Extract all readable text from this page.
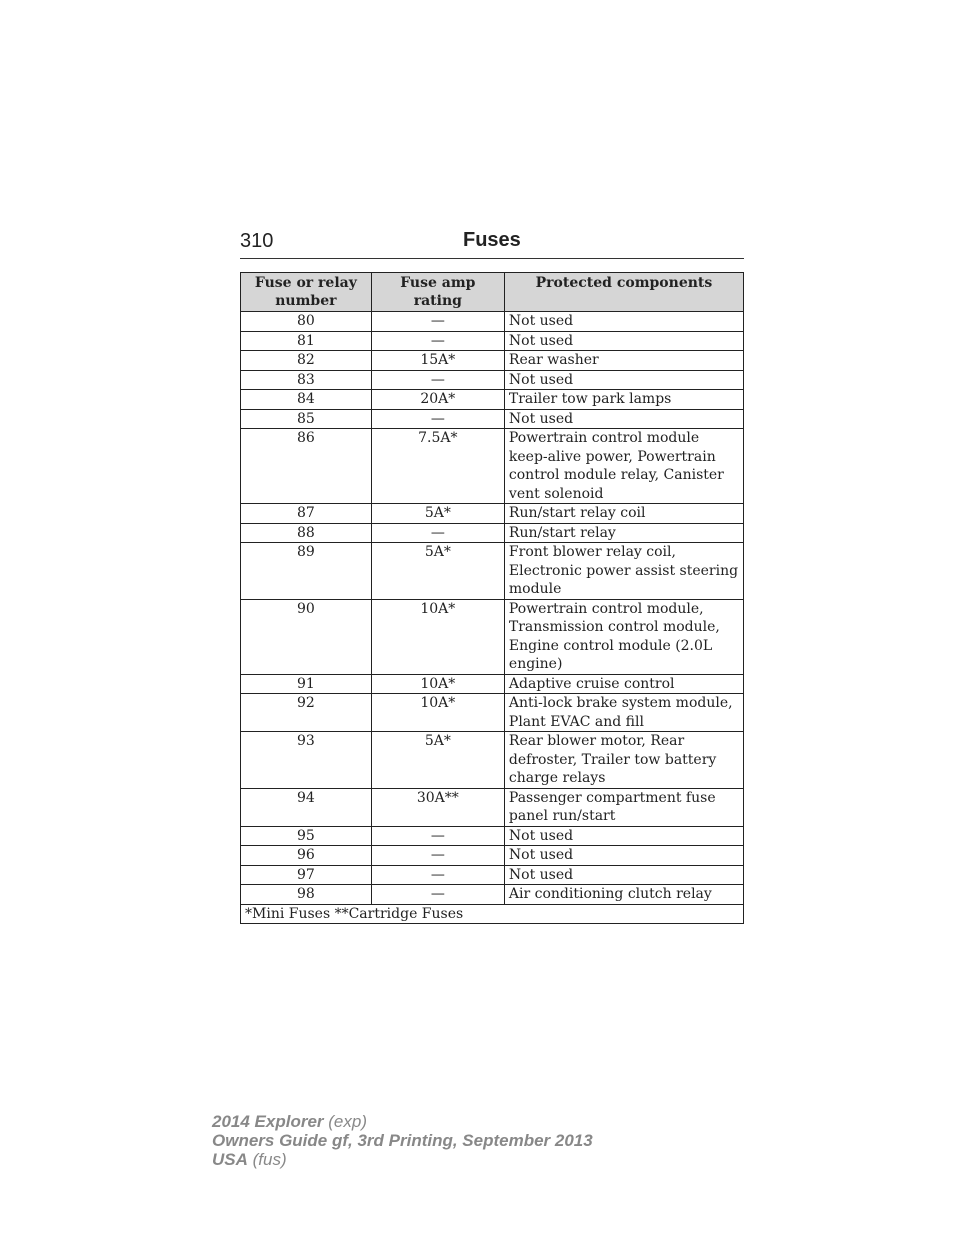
310	Fuses
Fuse or relay number	Fuse amp rating	Protected components
80	—	Not used
81	—	Not used
82	15A*	Rear washer
83	—	Not used
84	20A*	Trailer tow park lamps
85	—	Not used
86	7.5A*	Powertrain control module keep-alive power, Powertrain control module relay, Canister vent solenoid
87	5A*	Run/start relay coil
88	—	Run/start relay
89	5A*	Front blower relay coil, Electronic power assist steering module
90	10A*	Powertrain control module, Transmission control module, Engine control module (2.0L engine)
91	10A*	Adaptive cruise control
92	10A*	Anti-lock brake system module, Plant EVAC and fill
93	5A*	Rear blower motor, Rear defroster, Trailer tow battery charge relays
94	30A**	Passenger compartment fuse panel run/start
95	—	Not used
96	—	Not used
97	—	Not used
98	—	Air conditioning clutch relay
*Mini Fuses **Cartridge Fuses		
2014 Explorer (exp)
Owners Guide gf, 3rd Printing, September 2013
USA (fus)
